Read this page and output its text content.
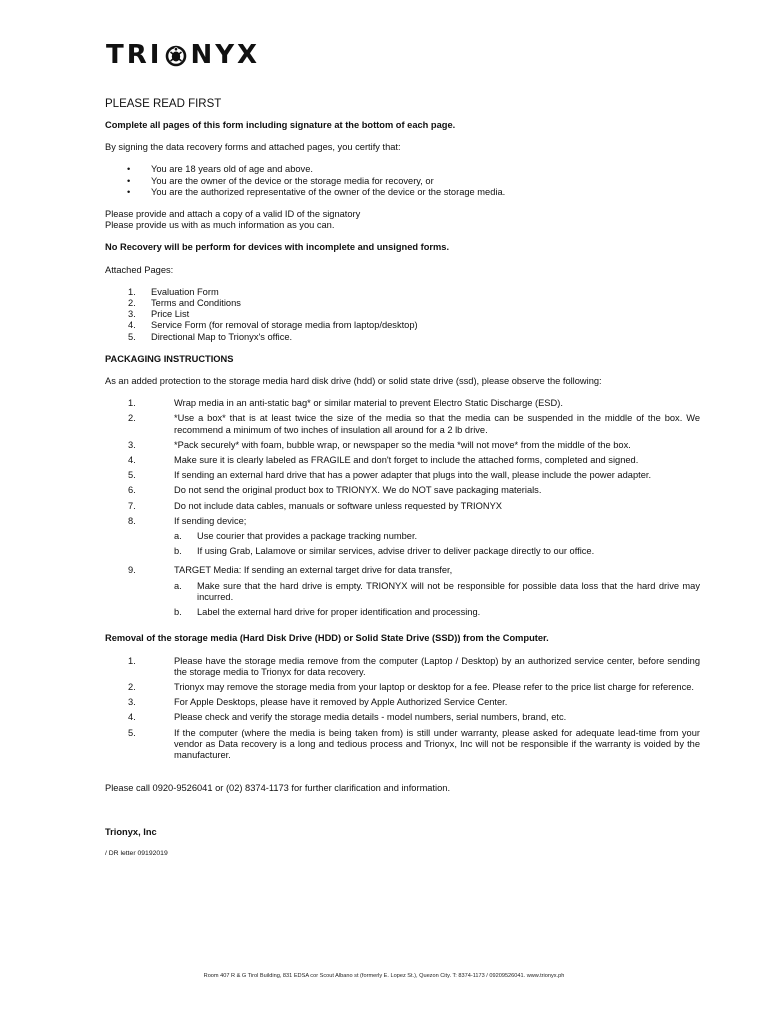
TRI NYX
PLEASE READ FIRST

Complete all pages of this form including signature at the bottom of each page.

By signing the data recovery forms and attached pages, you certify that:

• You are 18 years old of age and above.
• You are the owner of the device or the storage media for recovery, or
• You are the authorized representative of the owner of the device or the storage media.

Please provide and attach a copy of a valid ID of the signatory

Please provide us with as much information as you can.

No Recovery will be perform for devices with incomplete and unsigned forms.

Attached Pages:

1.	Evaluation Form
2.	Terms and Conditions
3.	Price List
4.	Service Form (for removal of storage media from laptop/desktop)
5.	Directional Map to Trionyx's office.

PACKAGING INSTRUCTIONS

As an added protection to the storage media hard disk drive (hdd) or solid state drive (ssd), please observe the following:

1.	Wrap media in an anti-static bag* or similar material to prevent Electro Static Discharge (ESD).
2.	*Use a box* that is at least twice the size of the media so that the media can be suspended in the middle of the box. We recommend a minimum of two inches of insulation all around for a 2 lb drive.
3.	*Pack securely* with foam, bubble wrap, or newspaper so the media *will not move* from the middle of the box.
4.	Make sure it is clearly labeled as FRAGILE and don't forget to include the attached forms, completed and signed.
5.	If sending an external hard drive that has a power adapter that plugs into the wall, please include the power adapter.
6.	Do not send the original product box to TRIONYX. We do NOT save packaging materials.
7.	Do not include data cables, manuals or software unless requested by TRIONYX
8.	If sending device;
a.	Use courier that provides a package tracking number.
b.	If using Grab, Lalamove or similar services, advise driver to deliver package directly to our office.
9.	TARGET Media: If sending an external target drive for data transfer,
a.	Make sure that the hard drive is empty. TRIONYX will not be responsible for possible data loss that the hard drive may incurred.
b.	Label the external hard drive for proper identification and processing.

Removal of the storage media (Hard Disk Drive (HDD) or Solid State Drive (SSD)) from the Computer.

1.	Please have the storage media remove from the computer (Laptop / Desktop) by an authorized service center, before sending the storage media to Trionyx for data recovery.
2.	Trionyx may remove the storage media from your laptop or desktop for a fee. Please refer to the price list charge for reference.
3.	For Apple Desktops, please have it removed by Apple Authorized Service Center.
4.	Please check and verify the storage media details - model numbers, serial numbers, brand, etc.
5.	If the computer (where the media is being taken from) is still under warranty, please asked for adequate lead-time from your vendor as Data recovery is a long and tedious process and Trionyx, Inc will not be responsible if the warranty is voided by the manufacturer.

Please call 0920-9526041 or (02) 8374-1173 for further clarification and information.

Trionyx, Inc

/ DR letter 09192019

Room 407 R & G Tirol Building, 831 EDSA cor Scout Albano st (formerly E. Lopez St.), Quezon City. T: 8374-1173 / 09209526041. www.trionyx.ph
